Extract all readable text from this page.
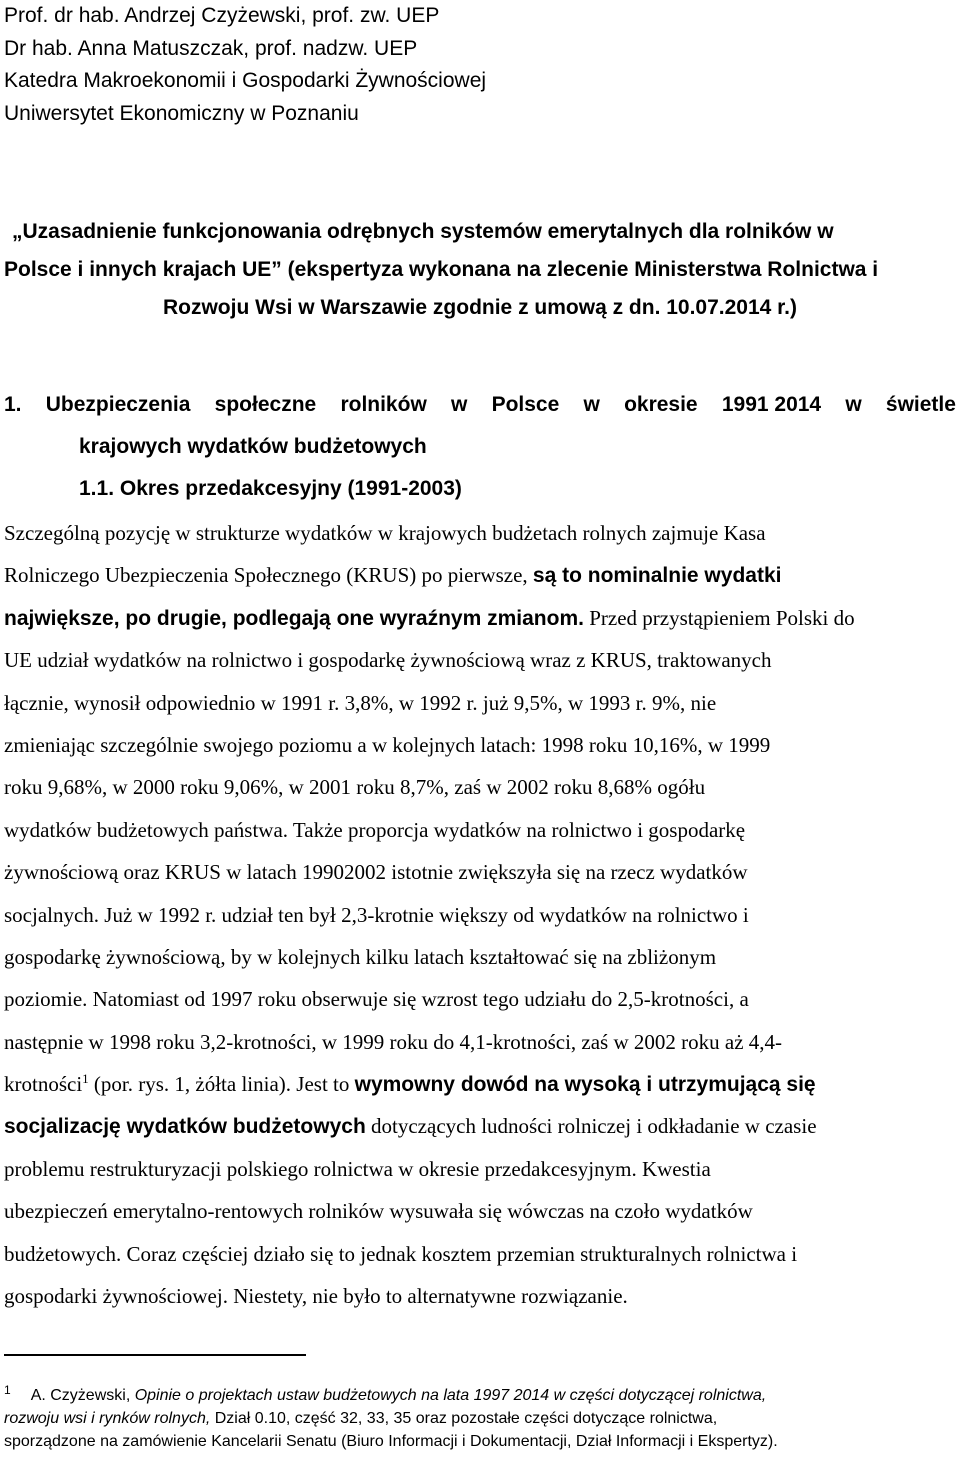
Prof. dr hab. Andrzej Czyżewski, prof. zw. UEP
Dr hab. Anna Matuszczak, prof. nadzw. UEP
Katedra Makroekonomii i Gospodarki Żywnościowej
Uniwersytet Ekonomiczny w Poznaniu
„Uzasadnienie funkcjonowania odrębnych systemów emerytalnych dla rolników w
Polsce i innych krajach UE” (ekspertyza wykonana na zlecenie Ministerstwa Rolnictwa i
Rozwoju Wsi w Warszawie zgodnie z umową z dn. 10.07.2014 r.)
1. Ubezpieczenia społeczne rolników w Polsce w okresie 1991 2014 w świetle
krajowych wydatków budżetowych
1.1. Okres przedakcesyjny (1991-2003)
Szczególną pozycję w strukturze wydatków w krajowych budżetach rolnych zajmuje Kasa
Rolniczego Ubezpieczenia Społecznego (KRUS) po pierwsze, są to nominalnie wydatki
największe, po drugie, podlegają one wyraźnym zmianom. Przed przystąpieniem Polski do
UE udział wydatków na rolnictwo i gospodarkę żywnościową wraz z KRUS, traktowanych
łącznie, wynosił odpowiednio w 1991 r. 3,8%, w 1992 r. już 9,5%, w 1993 r. 9%, nie
zmieniając szczególnie swojego poziomu a w kolejnych latach: 1998 roku 10,16%, w 1999
roku 9,68%, w 2000 roku 9,06%, w 2001 roku 8,7%, zaś w 2002 roku 8,68% ogółu
wydatków budżetowych państwa. Także proporcja wydatków na rolnictwo i gospodarkę
żywnościową oraz KRUS w latach 19902002 istotnie zwiększyła się na rzecz wydatków
socjalnych. Już w 1992 r. udział ten był 2,3-krotnie większy od wydatków na rolnictwo i
gospodarkę żywnościową, by w kolejnych kilku latach kształtować się na zbliżonym
poziomie. Natomiast od 1997 roku obserwuje się wzrost tego udziału do 2,5-krotności, a
następnie w 1998 roku 3,2-krotności, w 1999 roku do 4,1-krotności, zaś w 2002 roku aż 4,4-
krotności$^1$ (por. rys. 1, żółta linia). Jest to wymowny dowód na wysoką i utrzymującą się
socjalizację wydatków budżetowych dotyczących ludności rolniczej i odkładanie w czasie
problemu restrukturyzacji polskiego rolnictwa w okresie przedakcesyjnym. Kwestia
ubezpieczeń emerytalno-rentowych rolników wysuwała się wówczas na czoło wydatków
budżetowych. Coraz częściej działo się to jednak kosztem przemian strukturalnych rolnictwa i
gospodarki żywnościowej. Niestety, nie było to alternatywne rozwiązanie.
$^1$ A. Czyżewski, Opinie o projektach ustaw budżetowych na lata 1997 2014 w części dotyczącej rolnictwa,
rozwoju wsi i rynków rolnych, Dział 0.10, część 32, 33, 35 oraz pozostałe części dotyczące rolnictwa,
sporządzone na zamówienie Kancelarii Senatu (Biuro Informacji i Dokumentacji, Dział Informacji i Ekspertyz).
